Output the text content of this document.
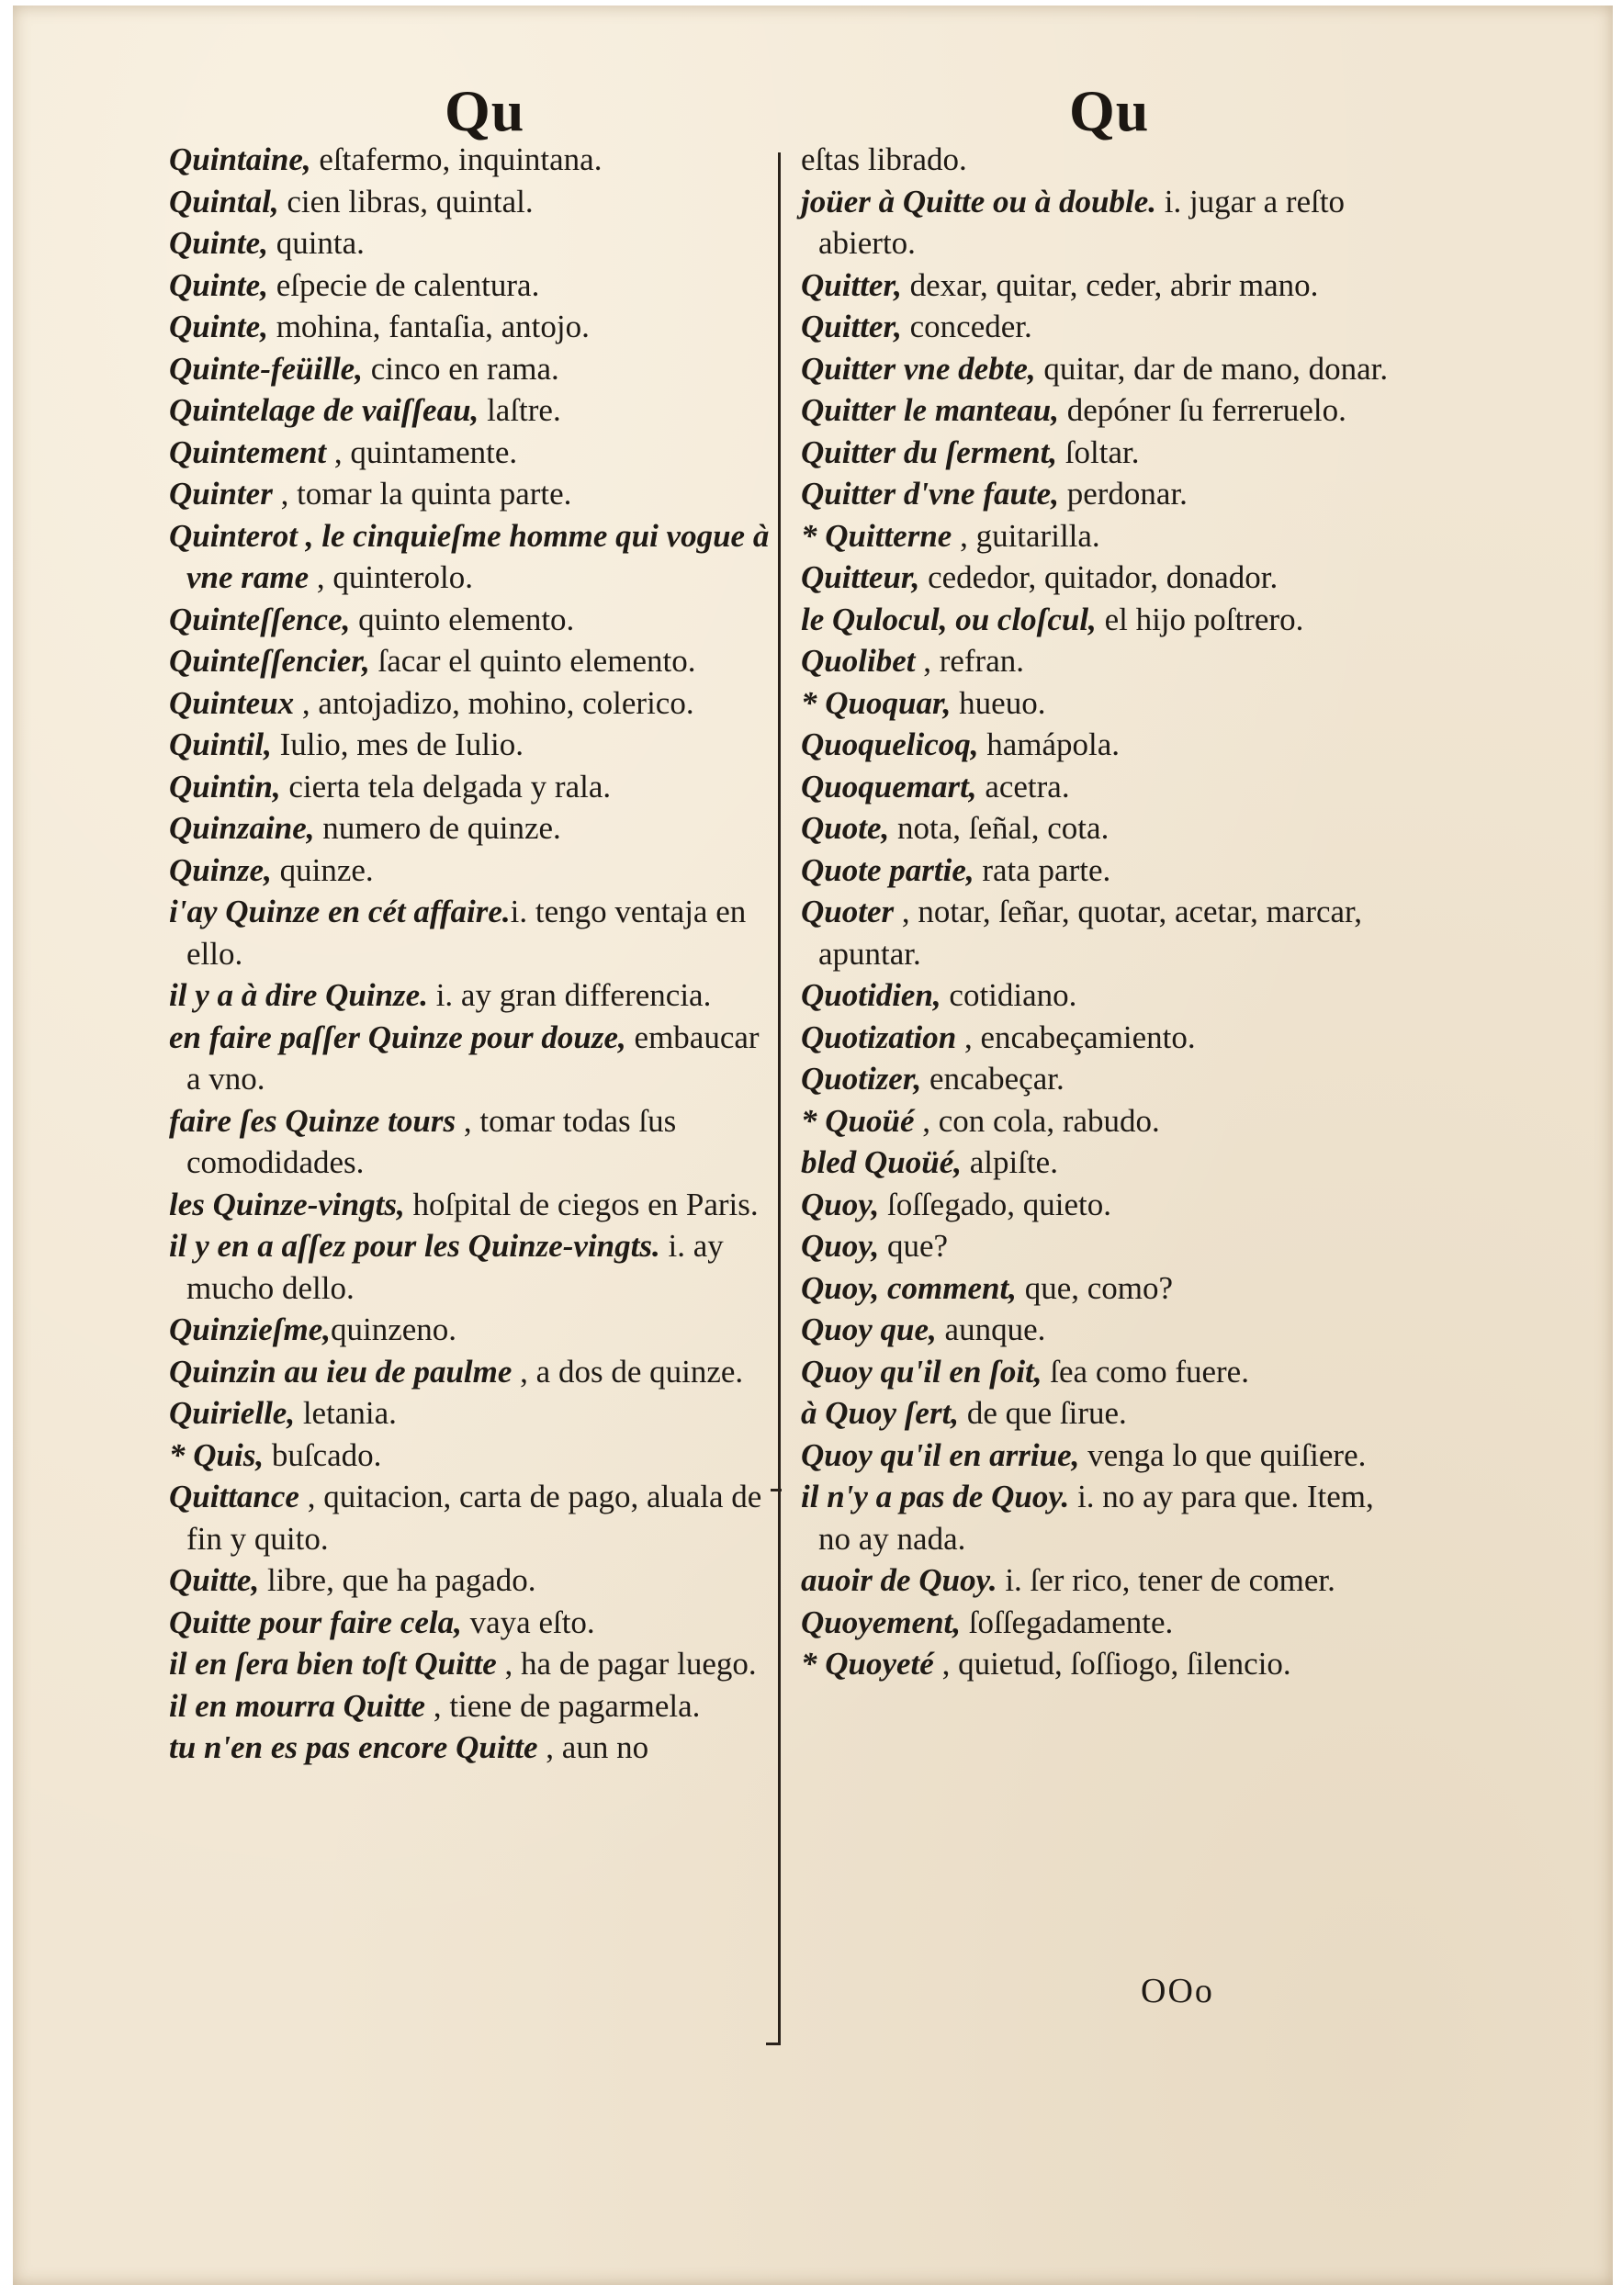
Qu	Qu

Quintaine, eſtafermo, inquintana.

Quintal, cien libras, quintal.

Quinte, quinta.

Quinte, eſpecie de calentura.

Quinte, mohina, fantaſia, antojo.

Quinte-feüille, cinco en rama.

Quintelage de vaiſſeau, laſtre.

Quintement , quintamente.

Quinter , tomar la quinta parte.

Quinterot , le cinquieſme homme qui vogue à vne rame , quinterolo.

Quinteſſence, quinto elemento.

Quinteſſencier, ſacar el quinto elemento.

Quinteux , antojadizo, mohino, colerico.

Quintil, Iulio, mes de Iulio.

Quintin, cierta tela delgada y rala.

Quinzaine, numero de quinze.

Quinze, quinze.

i'ay Quinze en cét affaire.i. tengo ventaja en ello.

il y a à dire Quinze. i. ay gran differencia.

en faire paſſer Quinze pour douze, embaucar a vno.

faire ſes Quinze tours , tomar todas ſus comodidades.

les Quinze-vingts, hoſpital de ciegos en Paris.

il y en a aſſez pour les Quinze-vingts. i. ay mucho dello.

Quinzieſme,quinzeno.

Quinzin au ieu de paulme , a dos de quinze.

Quirielle, letania.

* Quis, buſcado.

Quittance , quitacion, carta de pago, aluala de fin y quito.

Quitte, libre, que ha pagado.

Quitte pour faire cela, vaya eſto.

il en ſera bien toſt Quitte , ha de pagar luego.

il en mourra Quitte , tiene de pagarmela.

tu n'en es pas encore Quitte , aun no

eſtas librado.

joüer à Quitte ou à double. i. jugar a reſto abierto.

Quitter, dexar, quitar, ceder, abrir mano.

Quitter, conceder.

Quitter vne debte, quitar, dar de mano, donar.

Quitter le manteau, depóner ſu ferreruelo.

Quitter du ſerment, ſoltar.

Quitter d'vne faute, perdonar.

* Quitterne , guitarilla.

Quitteur, cededor, quitador, donador.

le Qulocul, ou cloſcul, el hijo poſtrero.

Quolibet , refran.

* Quoquar, hueuo.

Quoquelicoq, hamápola.

Quoquemart, acetra.

Quote, nota, ſeñal, cota.

Quote partie, rata parte.

Quoter , notar, ſeñar, quotar, acetar, marcar, apuntar.

Quotidien, cotidiano.

Quotization , encabeçamiento.

Quotizer, encabeçar.

* Quoüé , con cola, rabudo.

bled Quoüé, alpiſte.

Quoy, ſoſſegado, quieto.

Quoy, que?

Quoy, comment, que, como?

Quoy que, aunque.

Quoy qu'il en ſoit, ſea como fuere.

à Quoy ſert, de que ſirue.

Quoy qu'il en arriue, venga lo que quiſiere.

il n'y a pas de Quoy. i. no ay para que. Item, no ay nada.

auoir de Quoy. i. ſer rico, tener de comer.

Quoyement, ſoſſegadamente.

* Quoyeté , quietud, ſoſſiogo, ſilencio.

OOo
